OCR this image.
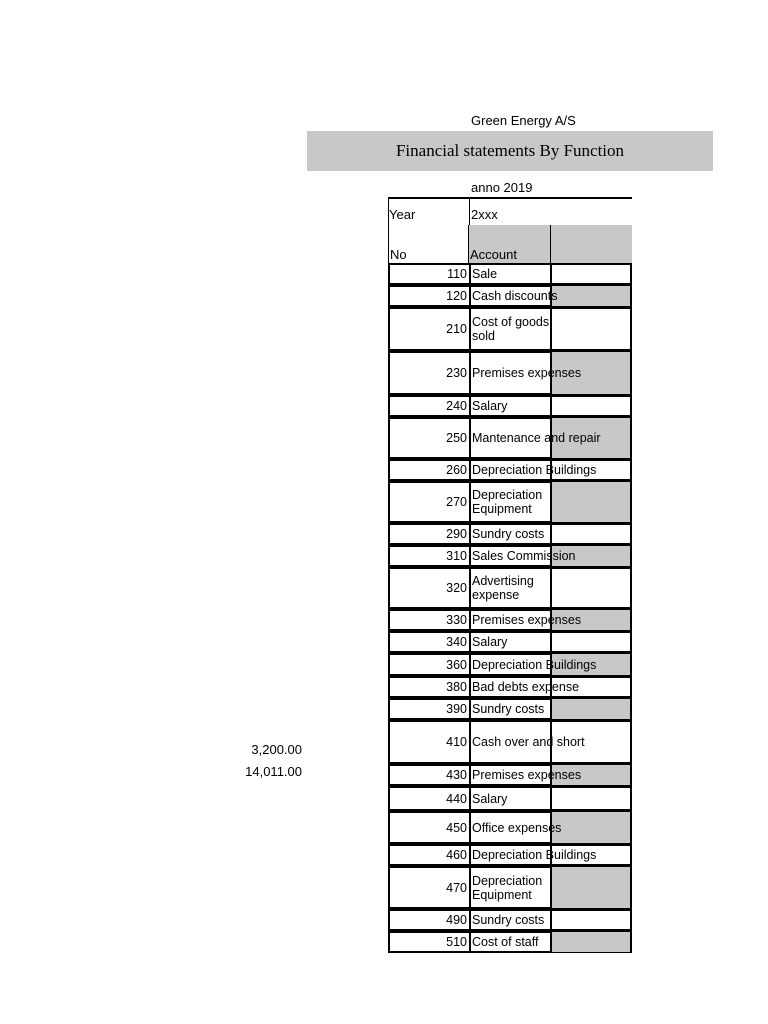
Green Energy A/S
Financial statements By Function
anno 2019
Year	2xxx
No	Account
110 Sale
120 Cash discounts
210 Cost of goods sold
230 Premises expenses
240 Salary
250 Mantenance and repair
260 Depreciation Buildings
270 Depreciation Equipment
290 Sundry costs
310 Sales Commission
320 Advertising expense
330 Premises expenses
340 Salary
360 Depreciation Buildings
380 Bad debts expense
390 Sundry costs
410 Cash over and short
430 Premises expenses
440 Salary
450 Office expenses
460 Depreciation Buildings
470 Depreciation Equipment
490 Sundry costs
510 Cost of staff
3,200.00
14,011.00
